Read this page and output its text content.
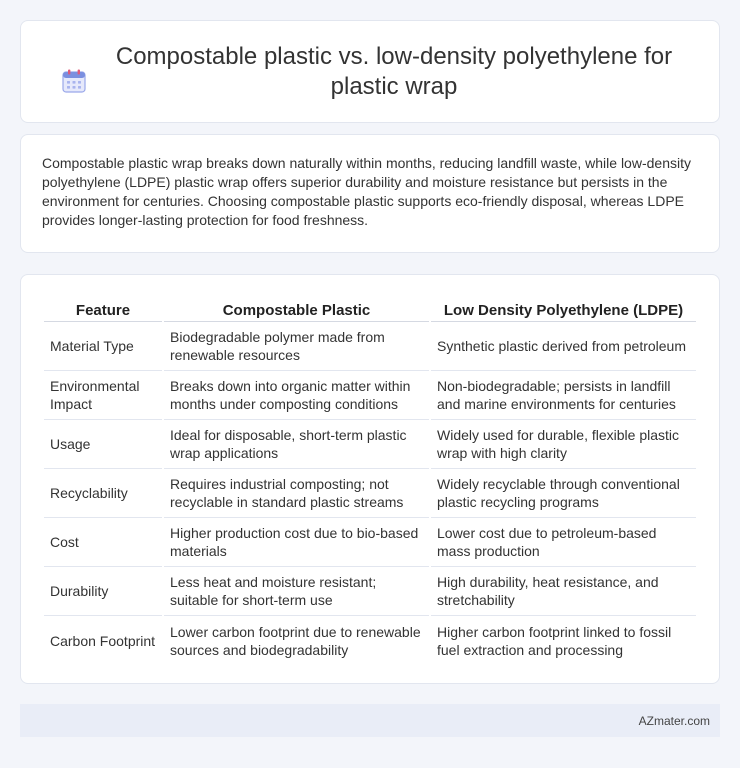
Compostable plastic vs. low-density polyethylene for plastic wrap

Compostable plastic wrap breaks down naturally within months, reducing landfill waste, while low-density polyethylene (LDPE) plastic wrap offers superior durability and moisture resistance but persists in the environment for centuries. Choosing compostable plastic supports eco-friendly disposal, whereas LDPE provides longer-lasting protection for food freshness.

Feature	Compostable Plastic	Low Density Polyethylene (LDPE)
Material Type	Biodegradable polymer made from renewable resources	Synthetic plastic derived from petroleum
Environmental Impact	Breaks down into organic matter within months under composting conditions	Non-biodegradable; persists in landfill and marine environments for centuries
Usage	Ideal for disposable, short-term plastic wrap applications	Widely used for durable, flexible plastic wrap with high clarity
Recyclability	Requires industrial composting; not recyclable in standard plastic streams	Widely recyclable through conventional plastic recycling programs
Cost	Higher production cost due to bio-based materials	Lower cost due to petroleum-based mass production
Durability	Less heat and moisture resistant; suitable for short-term use	High durability, heat resistance, and stretchability
Carbon Footprint	Lower carbon footprint due to renewable sources and biodegradability	Higher carbon footprint linked to fossil fuel extraction and processing
AZmater.com
